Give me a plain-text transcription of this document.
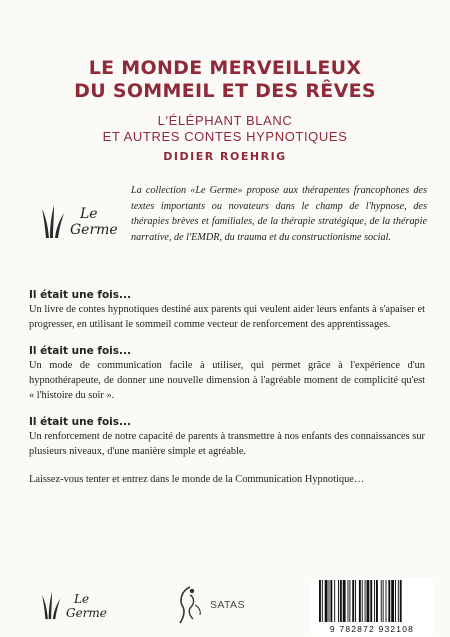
LE MONDE MERVEILLEUX
DU SOMMEIL ET DES RÊVES
L'ÉLÉPHANT BLANC
ET AUTRES CONTES HYPNOTIQUES
DIDIER ROEHRIG
Le
Germe
La collection «Le Germe» propose aux thérapentes francophones des textes importants ou novateurs dans le champ de l'hypnose, des thérapies brèves et familiales, de la thérapie stratégique, de la thérapie narrative, de l'EMDR, du trauma et du constructionisme social.

Il était une fois...

Un livre de contes hypnotiques destiné aux parents qui veulent aider leurs enfants à s'apaiser et progresser, en utilisant le sommeil comme vecteur de renforcement des apprentissages.

Il était une fois...

Un mode de communication facile à utiliser, qui permet grâce à l'expérience d'un hypnothérapeute, de donner une nouvelle dimension à l'agréable moment de complicité qu'est « l'histoire du soir ».

Il était une fois...

Un renforcement de notre capacité de parents à transmettre à nos enfants des connaissances sur plusieurs niveaux, d'une manière simple et agréable.

Laissez-vous tenter et entrez dans le monde de la Communication Hypnotique…

Le
Germe
SATAS
9 782872 932108
